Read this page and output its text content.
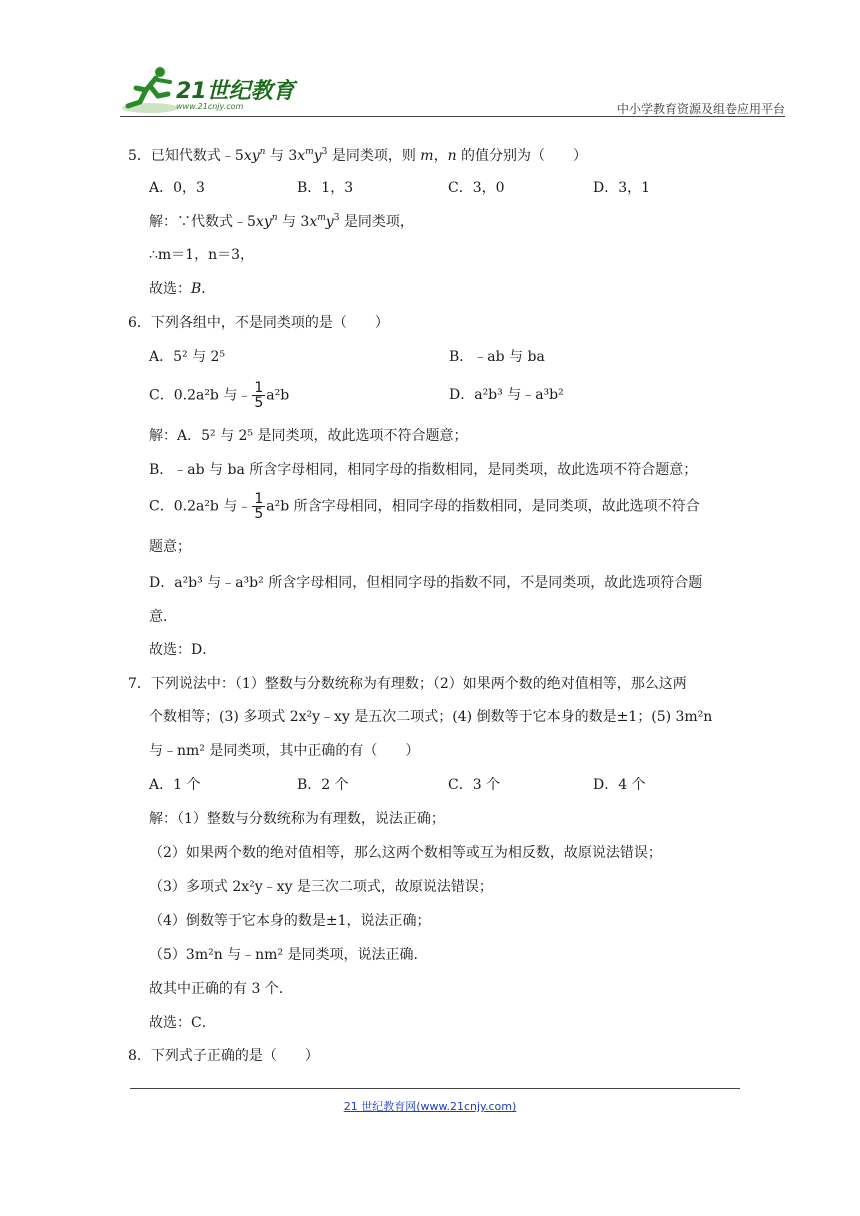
21世纪教育
www.21cnjy.com	中小学教育资源及组卷应用平台
5．已知代数式$﹣5xy^n$ 与 $3x^my^3$ 是同类项，则 m，n 的值分别为（　　）
A．0，3	B．1，3	C．3，0	D．3，1
解：∵代数式$﹣5xy^n$ 与 $3x^my^3$ 是同类项，
∴m＝1，n＝3，
故选：B．
6．下列各组中，不是同类项的是（　　）
A．5² 与 2⁵	B．﹣ab 与 ba
C．0.2a²b 与﹣ $\frac{1}{5} a^2b$	D．a²b³ 与﹣a³b²
解：A．5² 与 2⁵ 是同类项，故此选项不符合题意；
B．﹣ab 与 ba 所含字母相同，相同字母的指数相同，是同类项，故此选项不符合题意；
C．0.2a²b 与﹣ $\frac{1}{5} a^2b$ 所含字母相同，相同字母的指数相同，是同类项，故此选项不符合
题意；
D．a²b³ 与﹣a³b² 所含字母相同，但相同字母的指数不同，不是同类项，故此选项符合题
意．
故选：D．
7．下列说法中：（1）整数与分数统称为有理数；（2）如果两个数的绝对值相等，那么这两
个数相等；(3) 多项式 2x²y﹣xy 是五次二项式；(4) 倒数等于它本身的数是±1；(5) 3m²n
与﹣nm² 是同类项，其中正确的有（　　）
A．1 个	B．2 个	C．3 个	D．4 个
解：（1）整数与分数统称为有理数，说法正确；
（2）如果两个数的绝对值相等，那么这两个数相等或互为相反数，故原说法错误；
（3）多项式 2x²y﹣xy 是三次二项式，故原说法错误；
（4）倒数等于它本身的数是±1，说法正确；
（5）3m²n 与﹣nm² 是同类项，说法正确．
故其中正确的有 3 个．
故选：C．
8．下列式子正确的是（　　）
21 世纪教育网(www.21cnjy.com)
